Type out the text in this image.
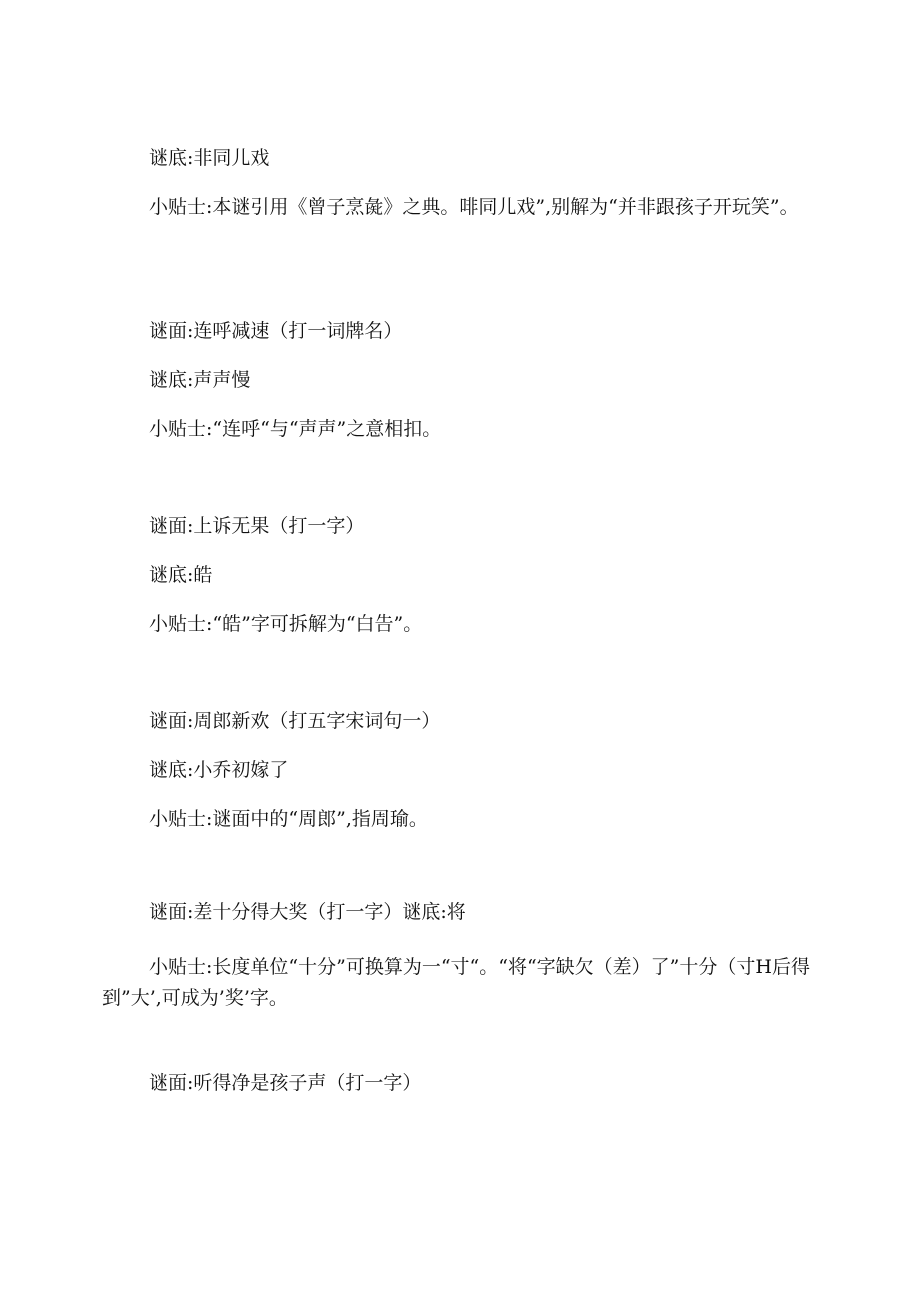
谜底:非同儿戏

小贴士:本谜引用《曾子烹彘》之典。啡同儿戏”,别解为“并非跟孩子开玩笑”。

谜面:连呼减速（打一词牌名）

谜底:声声慢

小贴士:“连呼“与“声声”之意相扣。

谜面:上诉无果（打一字）

谜底:皓

小贴士:“皓”字可拆解为“白告”。

谜面:周郎新欢（打五字宋词句一）

谜底:小乔初嫁了

小贴士:谜面中的“周郎”,指周瑜。

谜面:差十分得大奖（打一字）谜底:将

小贴士:长度单位“十分”可换算为一“寸“。“将“字缺欠（差）了”十分（寸H后得到”大’,可成为’奖’字。

谜面:听得净是孩子声（打一字）
